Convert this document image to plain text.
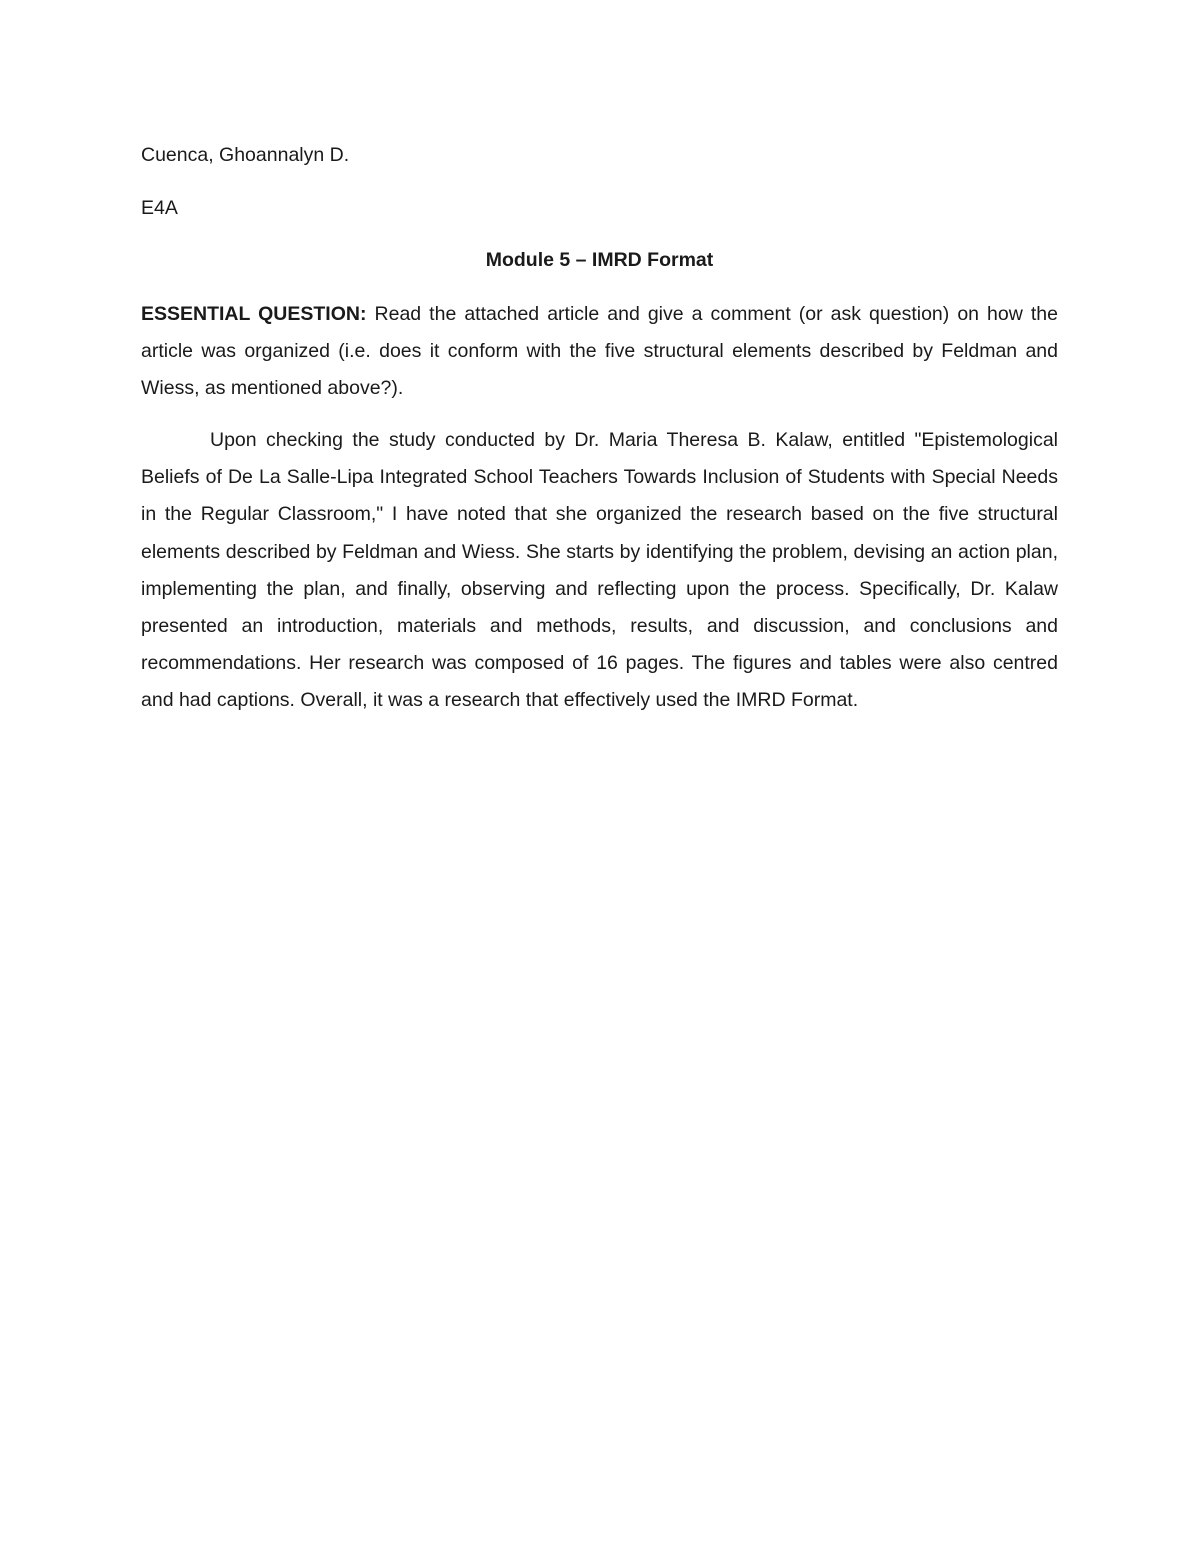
Cuenca, Ghoannalyn D.

E4A

Module 5 – IMRD Format

ESSENTIAL QUESTION: Read the attached article and give a comment (or ask question) on how the article was organized (i.e. does it conform with the five structural elements described by Feldman and Wiess, as mentioned above?).

Upon checking the study conducted by Dr. Maria Theresa B. Kalaw, entitled "Epistemological Beliefs of De La Salle-Lipa Integrated School Teachers Towards Inclusion of Students with Special Needs in the Regular Classroom," I have noted that she organized the research based on the five structural elements described by Feldman and Wiess. She starts by identifying the problem, devising an action plan, implementing the plan, and finally, observing and reflecting upon the process. Specifically, Dr. Kalaw presented an introduction, materials and methods, results, and discussion, and conclusions and recommendations. Her research was composed of 16 pages. The figures and tables were also centred and had captions. Overall, it was a research that effectively used the IMRD Format.
